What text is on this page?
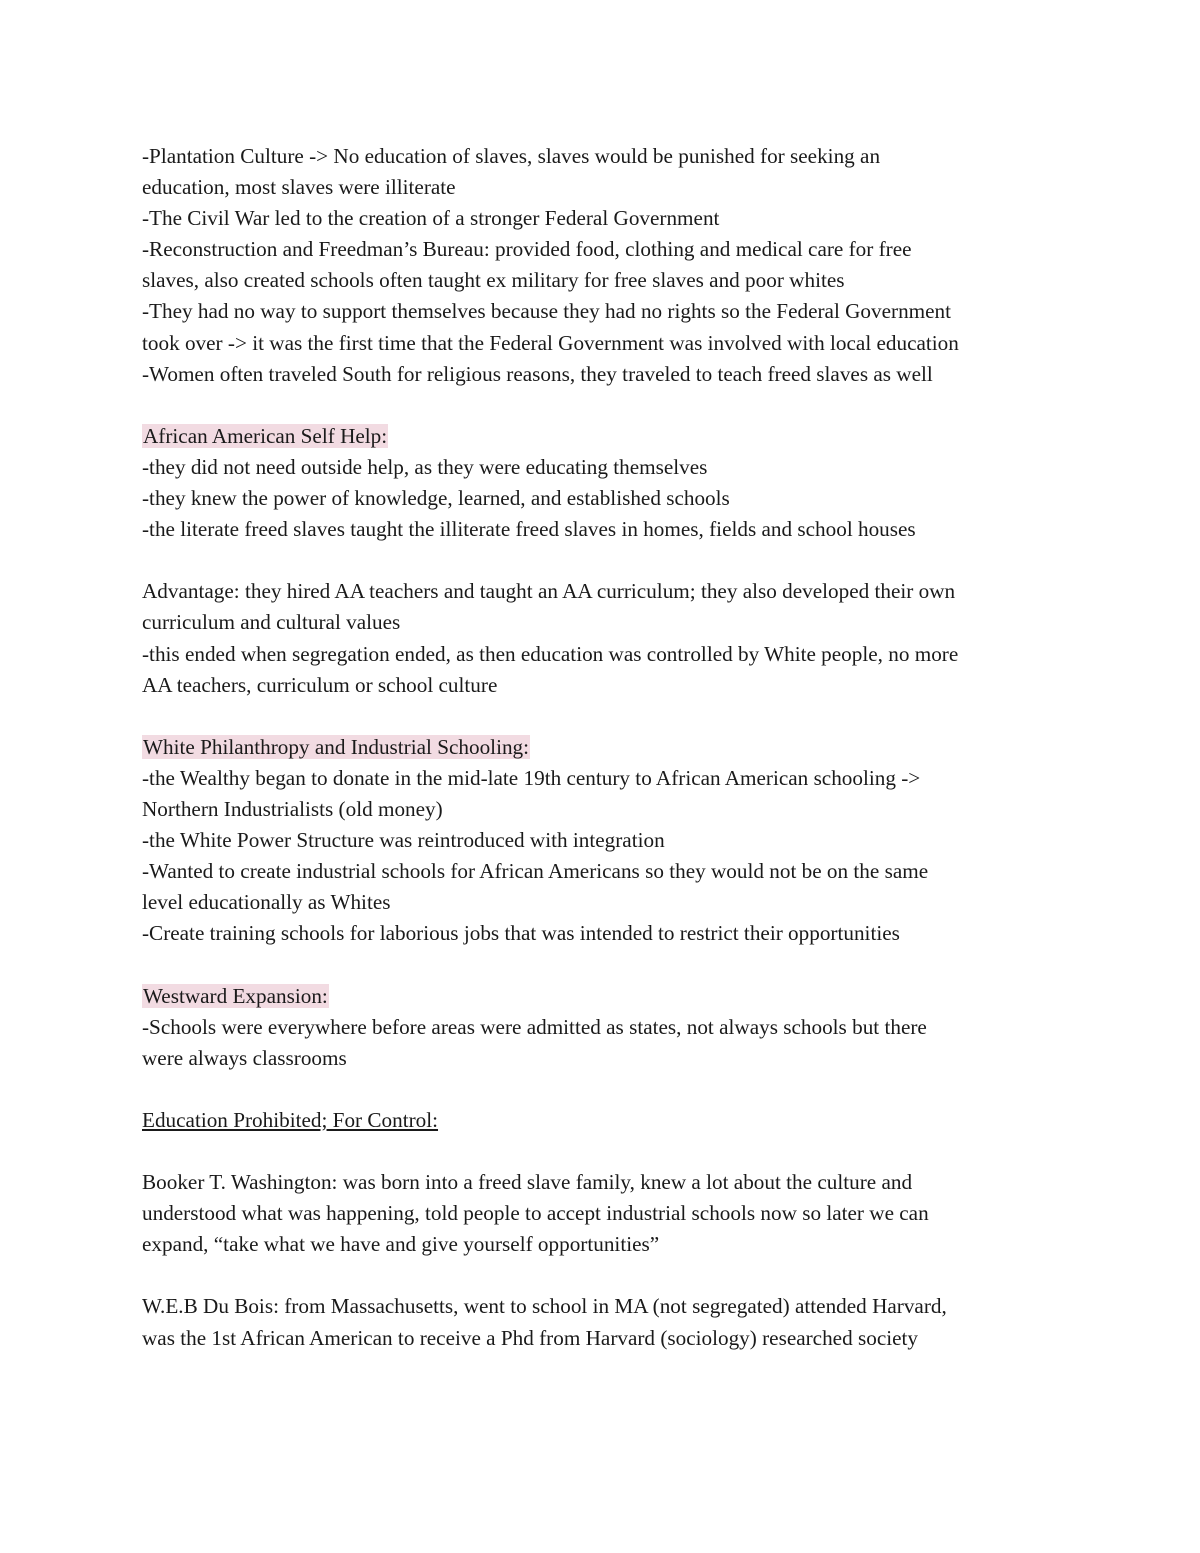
-Plantation Culture -> No education of slaves, slaves would be punished for seeking an
education, most slaves were illiterate
-The Civil War led to the creation of a stronger Federal Government
-Reconstruction and Freedman’s Bureau: provided food, clothing and medical care for free
slaves, also created schools often taught ex military for free slaves and poor whites
-They had no way to support themselves because they had no rights so the Federal Government
took over -> it was the first time that the Federal Government was involved with local education
-Women often traveled South for religious reasons, they traveled to teach freed slaves as well
African American Self Help:
-they did not need outside help, as they were educating themselves
-they knew the power of knowledge, learned, and established schools
-the literate freed slaves taught the illiterate freed slaves in homes, fields and school houses
Advantage: they hired AA teachers and taught an AA curriculum; they also developed their own
curriculum and cultural values
-this ended when segregation ended, as then education was controlled by White people, no more
AA teachers, curriculum or school culture
White Philanthropy and Industrial Schooling:
-the Wealthy began to donate in the mid-late 19th century to African American schooling ->
Northern Industrialists (old money)
-the White Power Structure was reintroduced with integration
-Wanted to create industrial schools for African Americans so they would not be on the same
level educationally as Whites
-Create training schools for laborious jobs that was intended to restrict their opportunities
Westward Expansion:
-Schools were everywhere before areas were admitted as states, not always schools but there
were always classrooms
Education Prohibited; For Control:
Booker T. Washington: was born into a freed slave family, knew a lot about the culture and
understood what was happening, told people to accept industrial schools now so later we can
expand, “take what we have and give yourself opportunities”
W.E.B Du Bois: from Massachusetts, went to school in MA (not segregated) attended Harvard,
was the 1st African American to receive a Phd from Harvard (sociology) researched society
